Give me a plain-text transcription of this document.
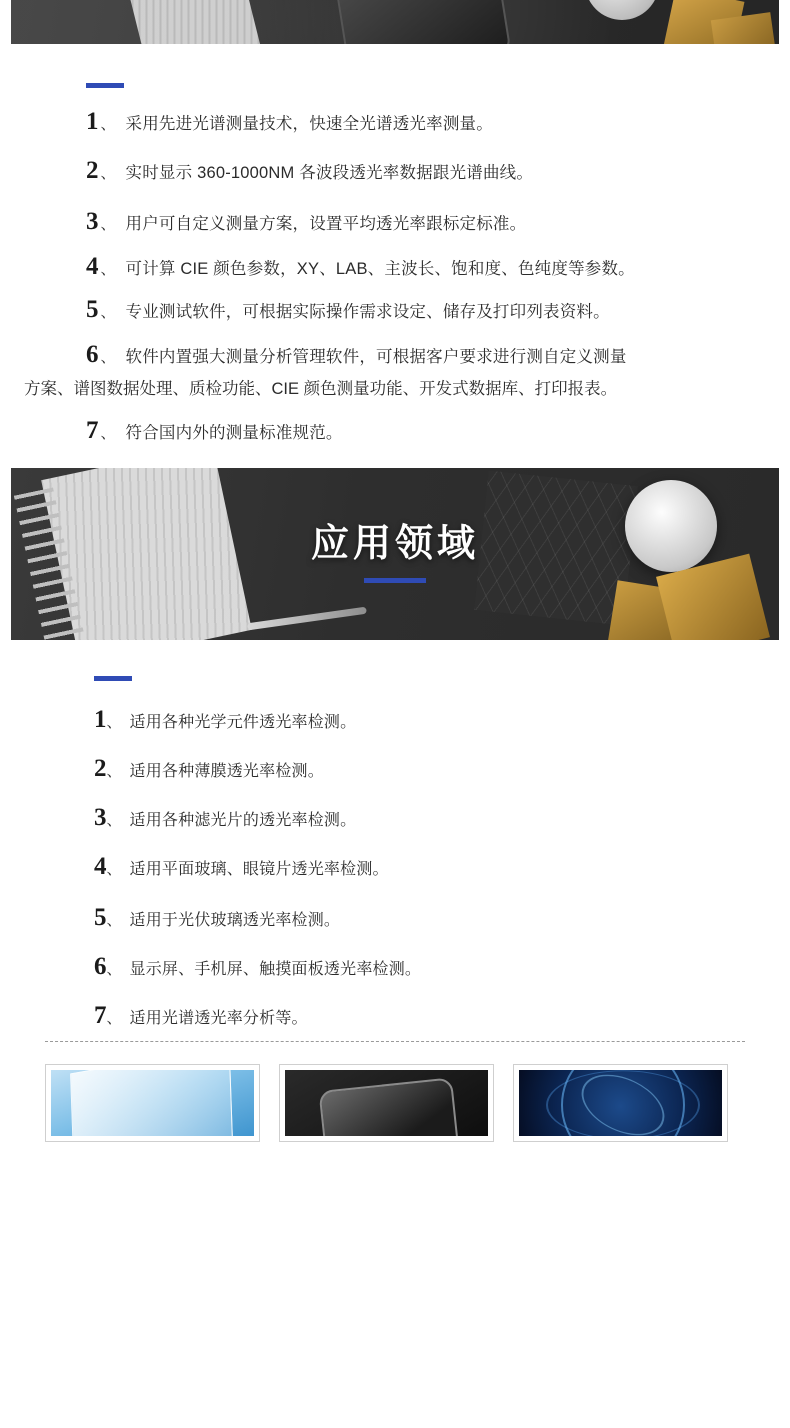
1 、 采用先进光谱测量技术，快速全光谱透光率测量。
2 、 实时显示 360-1000NM 各波段透光率数据跟光谱曲线。
3 、 用户可自定义测量方案，设置平均透光率跟标定标准。
4 、 可计算 CIE 颜色参数，XY、LAB、主波长、饱和度、色纯度等参数。
5 、 专业测试软件，可根据实际操作需求设定、储存及打印列表资料。
6 、 软件内置强大测量分析管理软件，可根据客户要求进行测自定义测量
方案、谱图数据处理、质检功能、CIE 颜色测量功能、开发式数据库、打印报表。
7 、 符合国内外的测量标准规范。
应用领域
1 、 适用各种光学元件透光率检测。
2 、 适用各种薄膜透光率检测。
3 、 适用各种滤光片的透光率检测。
4 、 适用平面玻璃、眼镜片透光率检测。
5 、 适用于光伏玻璃透光率检测。
6 、 显示屏、手机屏、触摸面板透光率检测。
7 、 适用光谱透光率分析等。
